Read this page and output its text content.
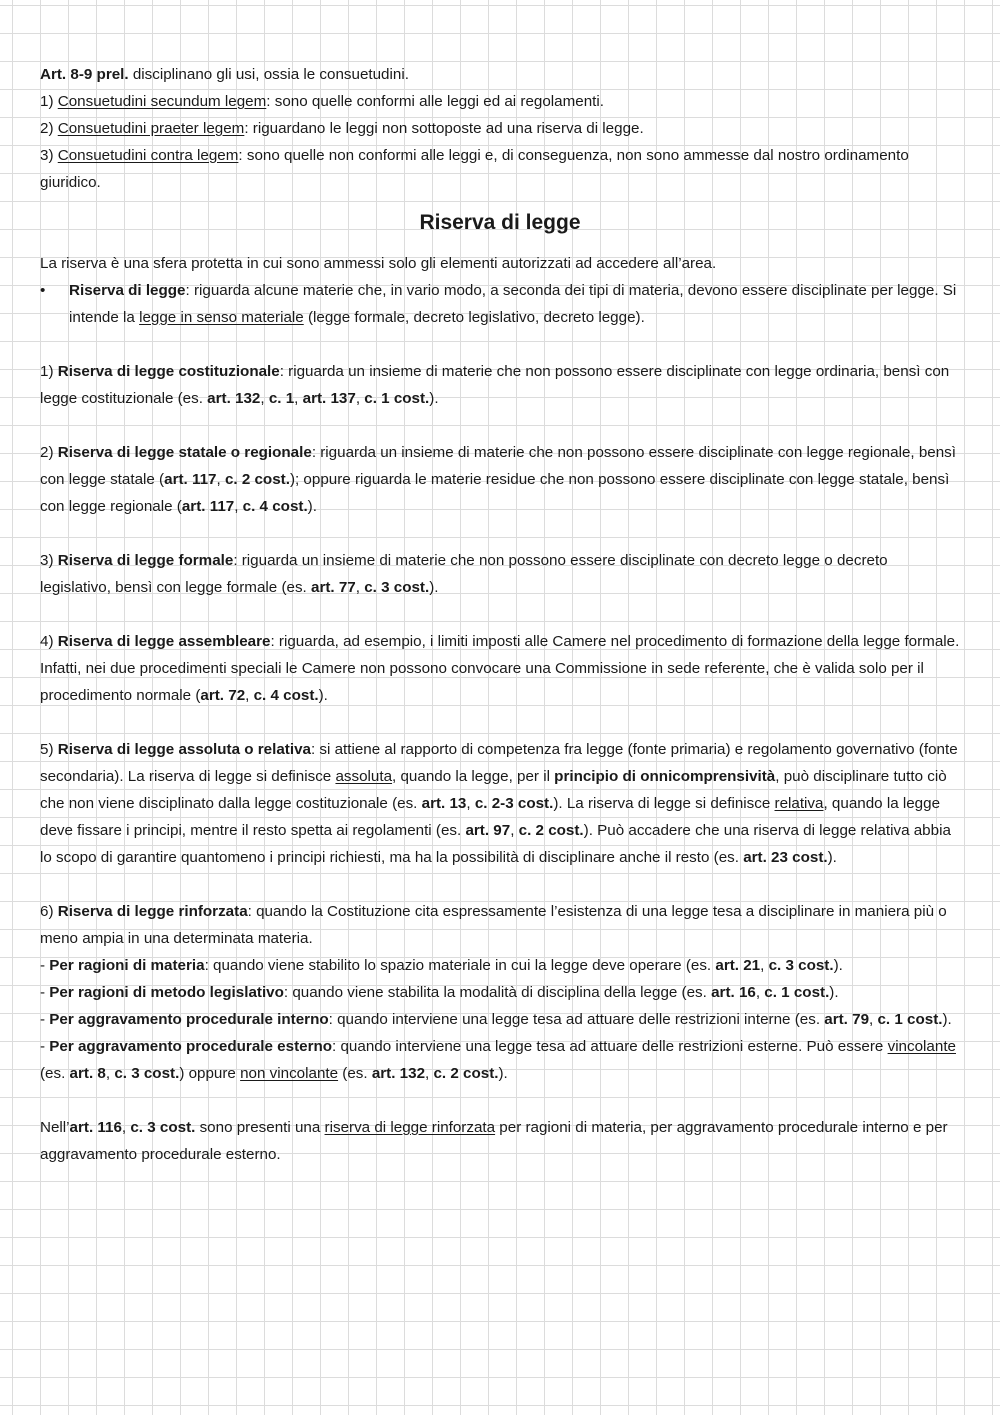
Art. 8-9 prel. disciplinano gli usi, ossia le consuetudini.

1) Consuetudini secundum legem: sono quelle conformi alle leggi ed ai regolamenti.

2) Consuetudini praeter legem: riguardano le leggi non sottoposte ad una riserva di legge.

3) Consuetudini contra legem: sono quelle non conformi alle leggi e, di conseguenza, non sono ammesse dal nostro ordinamento giuridico.

Riserva di legge

La riserva è una sfera protetta in cui sono ammessi solo gli elementi autorizzati ad accedere all’area.

• Riserva di legge: riguarda alcune materie che, in vario modo, a seconda dei tipi di materia, devono essere disciplinate per legge. Si intende la legge in senso materiale (legge formale, decreto legislativo, decreto legge).

1) Riserva di legge costituzionale: riguarda un insieme di materie che non possono essere disciplinate con legge ordinaria, bensì con legge costituzionale (es. art. 132, c. 1, art. 137, c. 1 cost.).

2) Riserva di legge statale o regionale: riguarda un insieme di materie che non possono essere disciplinate con legge regionale, bensì con legge statale (art. 117, c. 2 cost.); oppure riguarda le materie residue che non possono essere disciplinate con legge statale, bensì con legge regionale (art. 117, c. 4 cost.).

3) Riserva di legge formale: riguarda un insieme di materie che non possono essere disciplinate con decreto legge o decreto legislativo, bensì con legge formale (es. art. 77, c. 3 cost.).

4) Riserva di legge assembleare: riguarda, ad esempio, i limiti imposti alle Camere nel procedimento di formazione della legge formale. Infatti, nei due procedimenti speciali le Camere non possono convocare una Commissione in sede referente, che è valida solo per il procedimento normale (art. 72, c. 4 cost.).

5) Riserva di legge assoluta o relativa: si attiene al rapporto di competenza fra legge (fonte primaria) e regolamento governativo (fonte secondaria). La riserva di legge si definisce assoluta, quando la legge, per il principio di onnicomprensività, può disciplinare tutto ciò che non viene disciplinato dalla legge costituzionale (es. art. 13, c. 2-3 cost.). La riserva di legge si definisce relativa, quando la legge deve fissare i principi, mentre il resto spetta ai regolamenti (es. art. 97, c. 2 cost.). Può accadere che una riserva di legge relativa abbia lo scopo di garantire quantomeno i principi richiesti, ma ha la possibilità di disciplinare anche il resto (es. art. 23 cost.).

6) Riserva di legge rinforzata: quando la Costituzione cita espressamente l’esistenza di una legge tesa a disciplinare in maniera più o meno ampia in una determinata materia.

- Per ragioni di materia: quando viene stabilito lo spazio materiale in cui la legge deve operare (es. art. 21, c. 3 cost.).

- Per ragioni di metodo legislativo: quando viene stabilita la modalità di disciplina della legge (es. art. 16, c. 1 cost.).

- Per aggravamento procedurale interno: quando interviene una legge tesa ad attuare delle restrizioni interne (es. art. 79, c. 1 cost.).

- Per aggravamento procedurale esterno: quando interviene una legge tesa ad attuare delle restrizioni esterne. Può essere vincolante (es. art. 8, c. 3 cost.) oppure non vincolante (es. art. 132, c. 2 cost.).

Nell’art. 116, c. 3 cost. sono presenti una riserva di legge rinforzata per ragioni di materia, per aggravamento procedurale interno e per aggravamento procedurale esterno.
